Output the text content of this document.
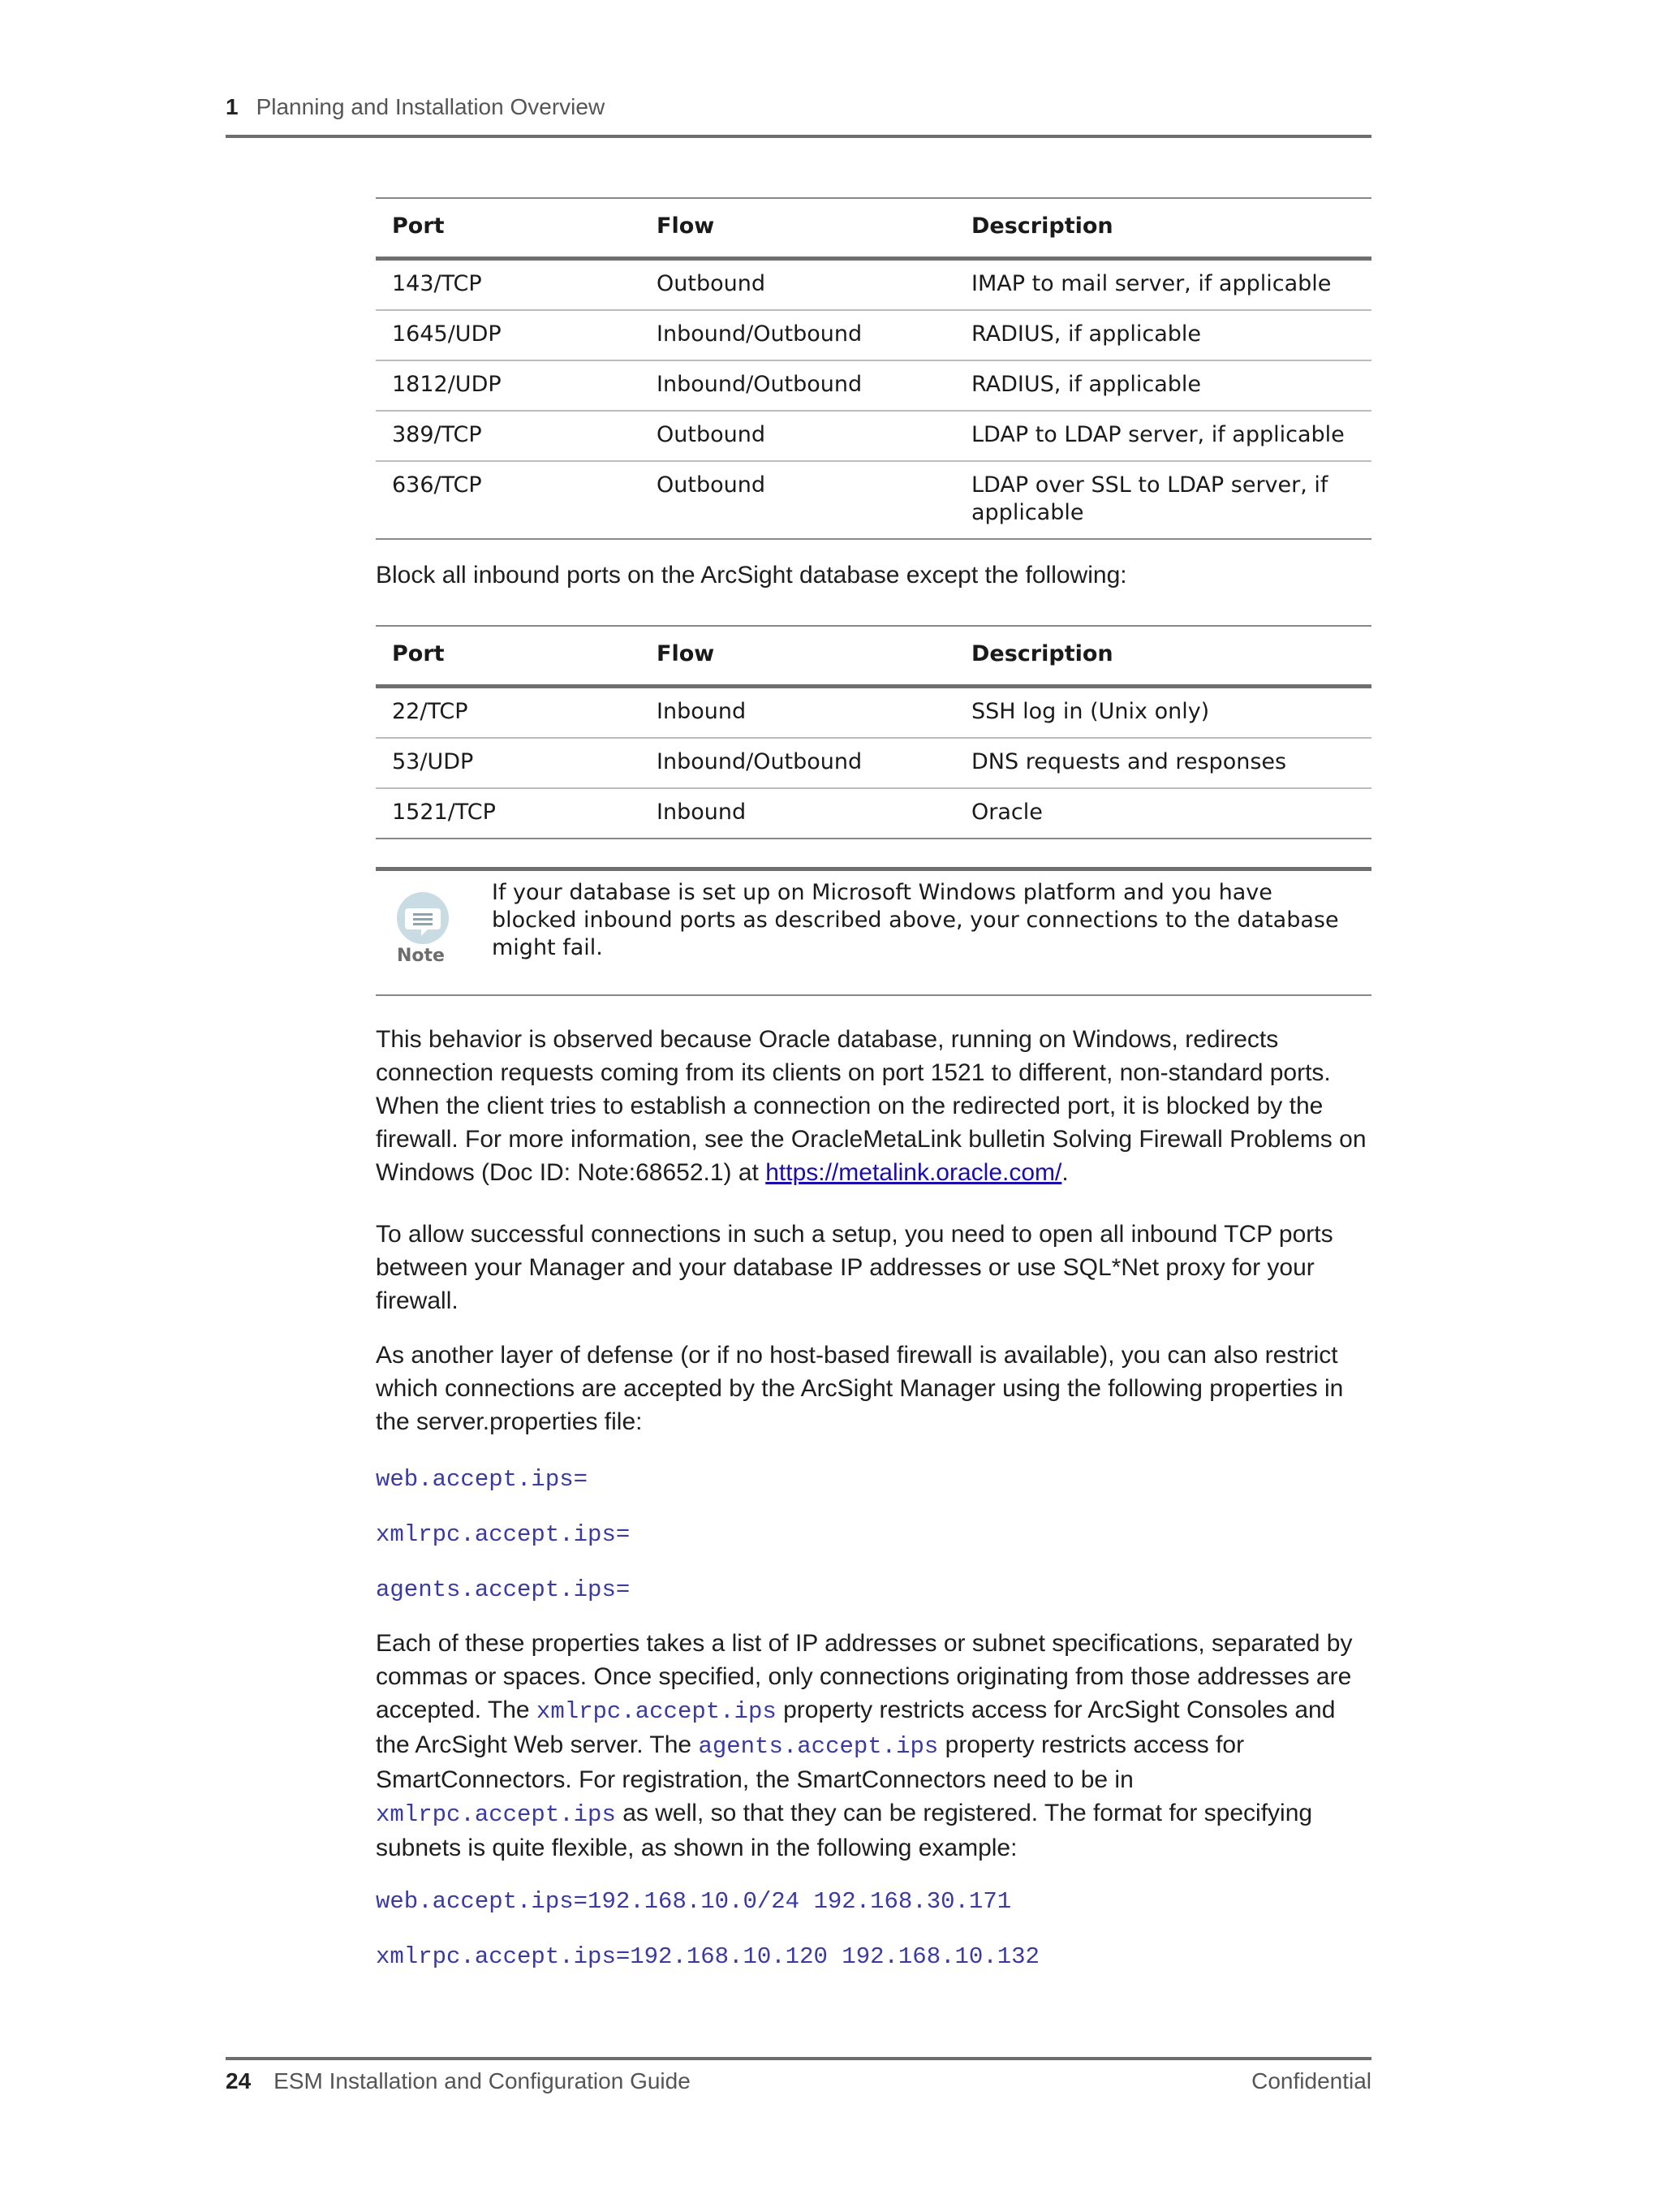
1 Planning and Installation Overview
Port	Flow	Description
143/TCP	Outbound	IMAP to mail server, if applicable
1645/UDP	Inbound/Outbound	RADIUS, if applicable
1812/UDP	Inbound/Outbound	RADIUS, if applicable
389/TCP	Outbound	LDAP to LDAP server, if applicable
636/TCP	Outbound	LDAP over SSL to LDAP server, if applicable

Block all inbound ports on the ArcSight database except the following:

Port	Flow	Description
22/TCP	Inbound	SSH log in (Unix only)
53/UDP	Inbound/Outbound	DNS requests and responses
1521/TCP	Inbound	Oracle
Note

If your database is set up on Microsoft Windows platform and you have blocked inbound ports as described above, your connections to the database might fail.

This behavior is observed because Oracle database, running on Windows, redirects connection requests coming from its clients on port 1521 to different, non-standard ports. When the client tries to establish a connection on the redirected port, it is blocked by the firewall. For more information, see the OracleMetaLink bulletin Solving Firewall Problems on Windows (Doc ID: Note:68652.1) at https://metalink.oracle.com/.

To allow successful connections in such a setup, you need to open all inbound TCP ports between your Manager and your database IP addresses or use SQL*Net proxy for your firewall.

As another layer of defense (or if no host-based firewall is available), you can also restrict which connections are accepted by the ArcSight Manager using the following properties in the server.properties file:

web.accept.ips=

xmlrpc.accept.ips=

agents.accept.ips=

Each of these properties takes a list of IP addresses or subnet specifications, separated by commas or spaces. Once specified, only connections originating from those addresses are accepted. The xmlrpc.accept.ips property restricts access for ArcSight Consoles and the ArcSight Web server. The agents.accept.ips property restricts access for SmartConnectors. For registration, the SmartConnectors need to be in xmlrpc.accept.ips as well, so that they can be registered. The format for specifying subnets is quite flexible, as shown in the following example:

web.accept.ips=192.168.10.0/24 192.168.30.171

xmlrpc.accept.ips=192.168.10.120 192.168.10.132

24 ESM Installation and Configuration Guide	Confidential
